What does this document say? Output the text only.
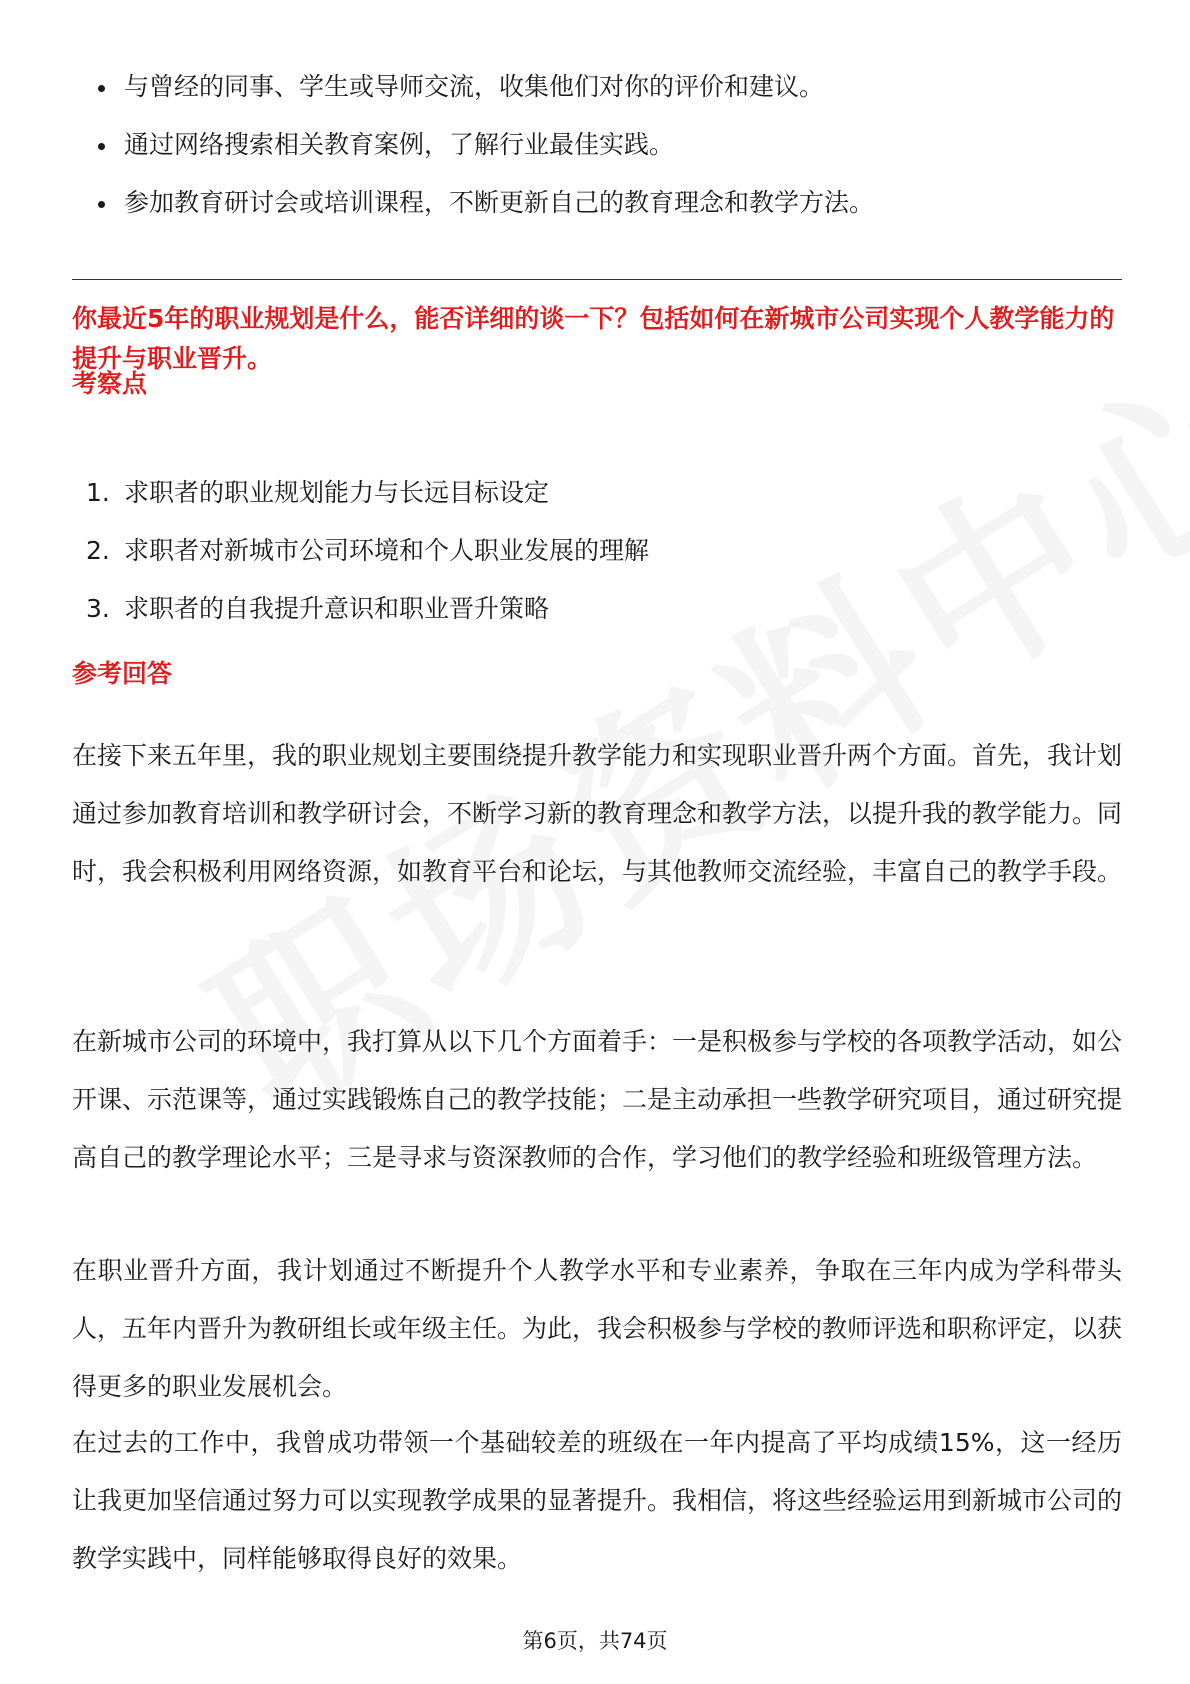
与曾经的同事、学生或导师交流，收集他们对你的评价和建议。
通过网络搜索相关教育案例，了解行业最佳实践。
参加教育研讨会或培训课程，不断更新自己的教育理念和教学方法。
你最近5年的职业规划是什么，能否详细的谈一下？包括如何在新城市公司实现个人教学能力的提升与职业晋升。
考察点
1. 求职者的职业规划能力与长远目标设定
2. 求职者对新城市公司环境和个人职业发展的理解
3. 求职者的自我提升意识和职业晋升策略
参考回答
在接下来五年里，我的职业规划主要围绕提升教学能力和实现职业晋升两个方面。首先，我计划通过参加教育培训和教学研讨会，不断学习新的教育理念和教学方法，以提升我的教学能力。同时，我会积极利用网络资源，如教育平台和论坛，与其他教师交流经验，丰富自己的教学手段。
在新城市公司的环境中，我打算从以下几个方面着手：一是积极参与学校的各项教学活动，如公开课、示范课等，通过实践锻炼自己的教学技能；二是主动承担一些教学研究项目，通过研究提高自己的教学理论水平；三是寻求与资深教师的合作，学习他们的教学经验和班级管理方法。
在职业晋升方面，我计划通过不断提升个人教学水平和专业素养，争取在三年内成为学科带头人，五年内晋升为教研组长或年级主任。为此，我会积极参与学校的教师评选和职称评定，以获得更多的职业发展机会。
在过去的工作中，我曾成功带领一个基础较差的班级在一年内提高了平均成绩15%，这一经历让我更加坚信通过努力可以实现教学成果的显著提升。我相信，将这些经验运用到新城市公司的教学实践中，同样能够取得良好的效果。
第6页，共74页
